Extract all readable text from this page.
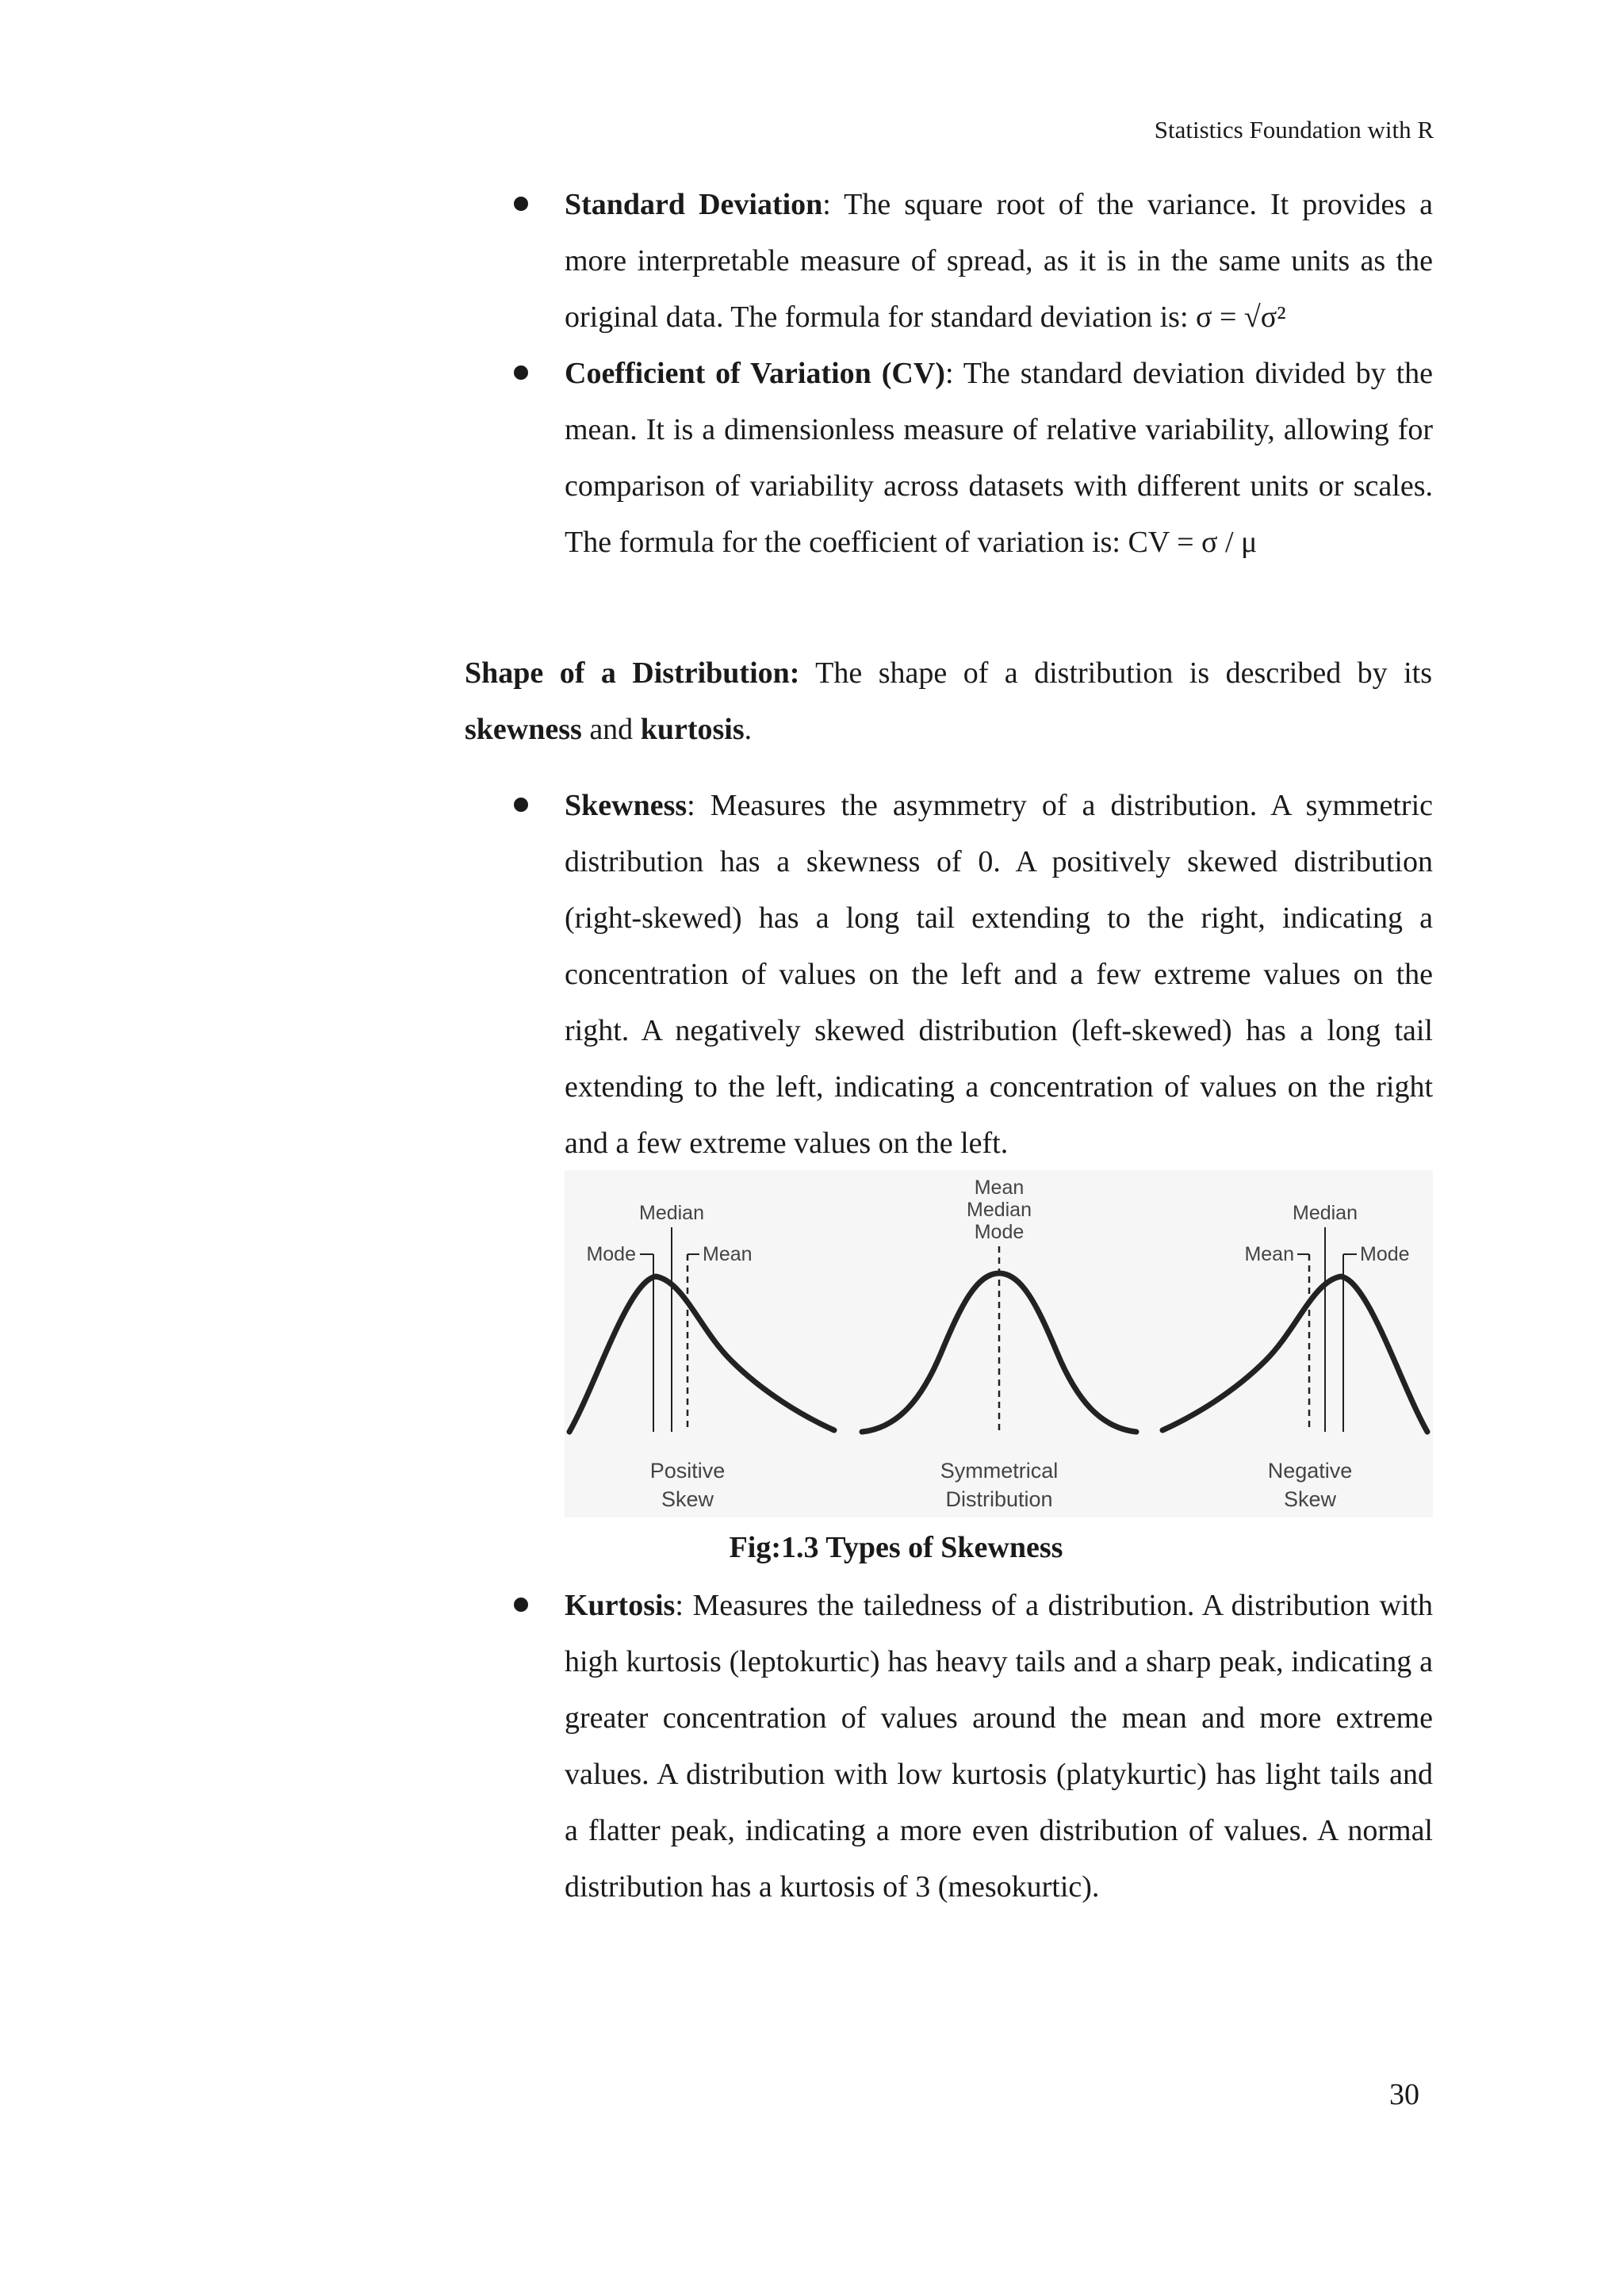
Statistics Foundation with R

Standard Deviation: The square root of the variance. It provides a more interpretable measure of spread, as it is in the same units as the original data. The formula for standard deviation is: σ = √σ²

Coefficient of Variation (CV): The standard deviation divided by the mean. It is a dimensionless measure of relative variability, allowing for comparison of variability across datasets with different units or scales. The formula for the coefficient of variation is: CV = σ / μ

Shape of a Distribution: The shape of a distribution is described by its skewness and kurtosis.

Skewness: Measures the asymmetry of a distribution. A symmetric distribution has a skewness of 0. A positively skewed distribution (right-skewed) has a long tail extending to the right, indicating a concentration of values on the left and a few extreme values on the right. A negatively skewed distribution (left-skewed) has a long tail extending to the left, indicating a concentration of values on the right and a few extreme values on the left.

Median
Mode	Mean
Positive
Skew
Mean
Median
Mode
Symmetrical
Distribution
Median
Mean	Mode
Negative
Skew
Fig:1.3 Types of Skewness

Kurtosis: Measures the tailedness of a distribution. A distribution with high kurtosis (leptokurtic) has heavy tails and a sharp peak, indicating a greater concentration of values around the mean and more extreme values. A distribution with low kurtosis (platykurtic) has light tails and a flatter peak, indicating a more even distribution of values. A normal distribution has a kurtosis of 3 (mesokurtic).

30
